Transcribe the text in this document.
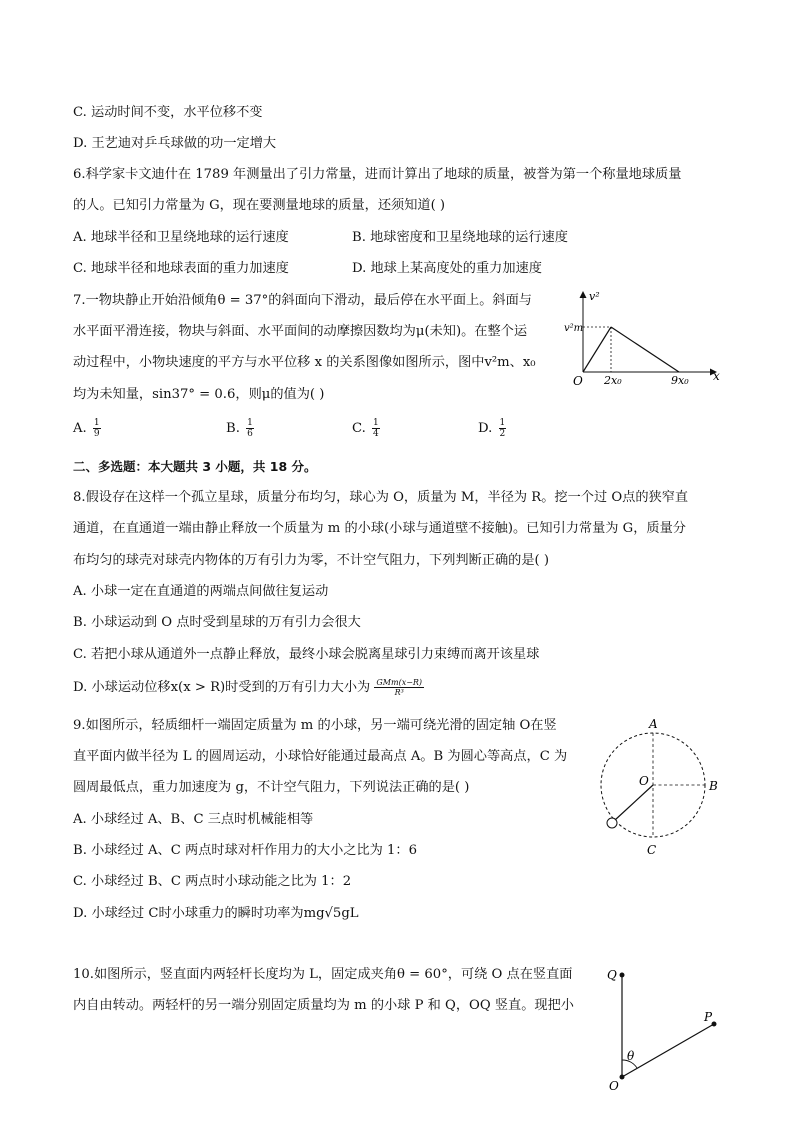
C. 运动时间不变，水平位移不变
D. 王艺迪对乒乓球做的功一定增大
6.科学家卡文迪什在 1789 年测量出了引力常量，进而计算出了地球的质量，被誉为第一个称量地球质量
的人。已知引力常量为 G，现在要测量地球的质量，还须知道( )
A. 地球半径和卫星绕地球的运行速度	B. 地球密度和卫星绕地球的运行速度
C. 地球半径和地球表面的重力加速度	D. 地球上某高度处的重力加速度
7.一物块静止开始沿倾角θ = 37°的斜面向下滑动，最后停在水平面上。斜面与
水平面平滑连接，物块与斜面、水平面间的动摩擦因数均为μ(未知)。在整个运
动过程中，小物块速度的平方与水平位移 x 的关系图像如图所示，图中v²m、x₀
均为未知量，sin37° = 0.6，则μ的值为( )
A. $\frac{1}{9}$	B. $\frac{1}{6}$	C. $\frac{1}{4}$	D. $\frac{1}{2}$
v²
v²m
O 2x₀	9x₀ x
二、多选题：本大题共 3 小题，共 18 分。
8.假设存在这样一个孤立星球，质量分布均匀，球心为 O，质量为 M，半径为 R。挖一个过 O点的狭窄直
通道，在直通道一端由静止释放一个质量为 m 的小球(小球与通道壁不接触)。已知引力常量为 G，质量分
布均匀的球壳对球壳内物体的万有引力为零，不计空气阻力，下列判断正确的是( )
A. 小球一定在直通道的两端点间做往复运动
B. 小球运动到 O 点时受到星球的万有引力会很大
C. 若把小球从通道外一点静止释放，最终小球会脱离星球引力束缚而离开该星球
D. 小球运动位移x(x > R)时受到的万有引力大小为 $\frac{\text{GMm(x−R)}}{\text{R³}}$
9.如图所示，轻质细杆一端固定质量为 m 的小球，另一端可绕光滑的固定轴 O在竖
直平面内做半径为 L 的圆周运动，小球恰好能通过最高点 A。B 为圆心等高点，C 为
圆周最低点，重力加速度为 g，不计空气阻力，下列说法正确的是( )
A. 小球经过 A、B、C 三点时机械能相等
B. 小球经过 A、C 两点时球对杆作用力的大小之比为 1：6
C. 小球经过 B、C 两点时小球动能之比为 1：2
D. 小球经过 C时小球重力的瞬时功率为mg√5gL
A
O	B
C
10.如图所示，竖直面内两轻杆长度均为 L，固定成夹角θ = 60°，可绕 O 点在竖直面
内自由转动。两轻杆的另一端分别固定质量均为 m 的小球 P 和 Q，OQ 竖直。现把小
Q
P
O
θ
